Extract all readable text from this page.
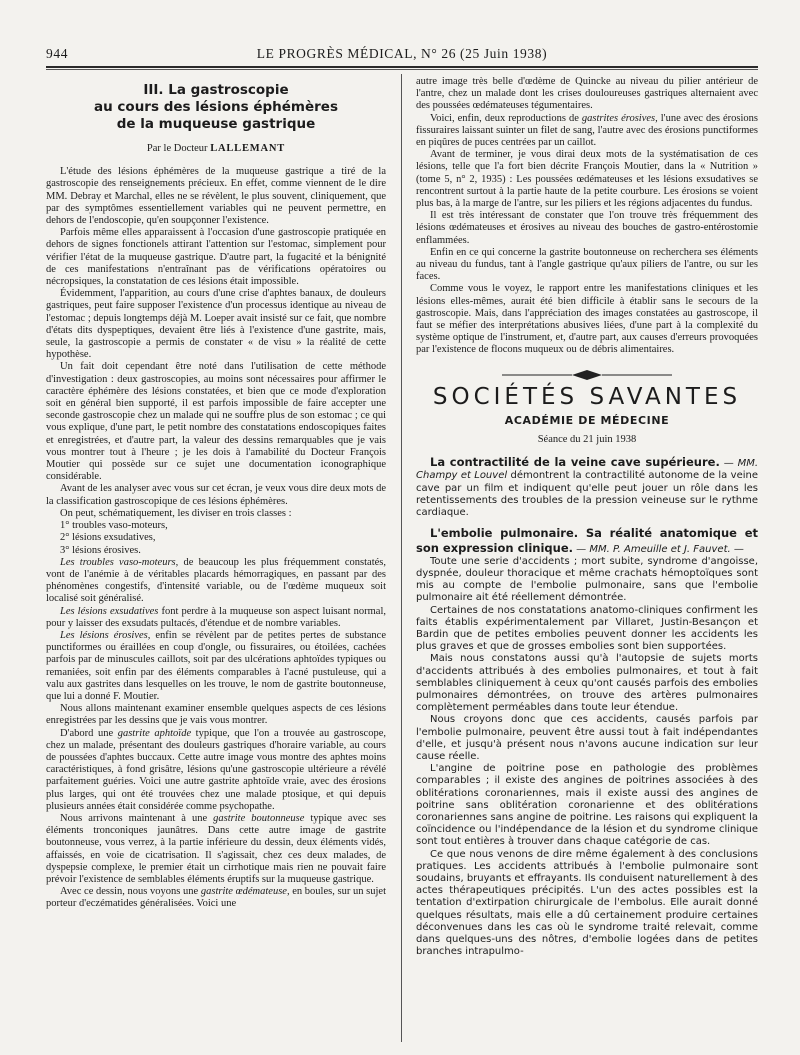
944	LE PROGRÈS MÉDICAL, N° 26 (25 Juin 1938)
III. La gastroscopie
au cours des lésions éphémères
de la muqueuse gastrique
Par le Docteur LALLEMANT

L'étude des lésions éphémères de la muqueuse gastrique a tiré de la gastroscopie des renseignements précieux. En effet, comme viennent de le dire MM. Debray et Marchal, elles ne se révèlent, le plus souvent, cliniquement, que par des symptômes essentiellement variables qui ne peuvent permettre, en dehors de l'endoscopie, qu'en soupçonner l'existence.

Parfois même elles apparaissent à l'occasion d'une gastroscopie pratiquée en dehors de signes fonctionels attirant l'attention sur l'estomac, simplement pour vérifier l'état de la muqueuse gastrique. D'autre part, la fugacité et la bénignité de ces manifestations n'entraînant pas de vérifications opératoires ou nécropsiques, la constatation de ces lésions était impossible.

Évidemment, l'apparition, au cours d'une crise d'aphtes banaux, de douleurs gastriques, peut faire supposer l'existence d'un processus identique au niveau de l'estomac ; depuis longtemps déjà M. Loeper avait insisté sur ce fait, que nombre d'états dits dyspeptiques, devaient être liés à l'existence d'une gastrite, mais, seule, la gastroscopie a permis de constater « de visu » la réalité de cette hypothèse.

Un fait doit cependant être noté dans l'utilisation de cette méthode d'investigation : deux gastroscopies, au moins sont nécessaires pour affirmer le caractère éphémère des lésions constatées, et bien que ce mode d'exploration soit en général bien supporté, il est parfois impossible de faire accepter une seconde gastroscopie chez un malade qui ne souffre plus de son estomac ; ce qui vous explique, d'une part, le petit nombre des constatations endoscopiques faites et enregistrées, et d'autre part, la valeur des dessins remarquables que je vais vous montrer tout à l'heure ; je les dois à l'amabilité du Docteur François Moutier qui possède sur ce sujet une documentation iconographique considérable.

Avant de les analyser avec vous sur cet écran, je veux vous dire deux mots de la classification gastroscopique de ces lésions éphémères.

On peut, schématiquement, les diviser en trois classes :

1° troubles vaso-moteurs,
2° lésions exsudatives,
3° lésions érosives.

Les troubles vaso-moteurs, de beaucoup les plus fréquemment constatés, vont de l'anémie à de véritables placards hémorragiques, en passant par des phénomènes congestifs, d'intensité variable, ou de l'œdème muqueux soit localisé soit généralisé.

Les lésions exsudatives font perdre à la muqueuse son aspect luisant normal, pour y laisser des exsudats pultacés, d'étendue et de nombre variables.

Les lésions érosives, enfin se révèlent par de petites pertes de substance punctiformes ou éraillées en coup d'ongle, ou fissuraires, ou étoilées, cachées parfois par de minuscules caillots, soit par des ulcérations aphtoïdes typiques ou remaniées, soit enfin par des éléments comparables à l'acné pustuleuse, qui a valu aux gastrites dans lesquelles on les trouve, le nom de gastrite boutonneuse, que lui a donné F. Moutier.

Nous allons maintenant examiner ensemble quelques aspects de ces lésions enregistrées par les dessins que je vais vous montrer.

D'abord une gastrite aphtoïde typique, que l'on a trouvée au gastroscope, chez un malade, présentant des douleurs gastriques d'horaire variable, au cours de poussées d'aphtes buccaux. Cette autre image vous montre des aphtes moins caractéristiques, à fond grisâtre, lésions qu'une gastroscopie ultérieure a révélé parfaitement guéries. Voici une autre gastrite aphtoïde vraie, avec des érosions plus larges, qui ont été trouvées chez une malade ptosique, et qui depuis plusieurs années était considérée comme psychopathe.

Nous arrivons maintenant à une gastrite boutonneuse typique avec ses éléments tronconiques jaunâtres. Dans cette autre image de gastrite boutonneuse, vous verrez, à la partie inférieure du dessin, deux éléments vidés, affaissés, en voie de cicatrisation. Il s'agissait, chez ces deux malades, de dyspepsie complexe, le premier était un cirrhotique mais rien ne pouvait faire prévoir l'existence de semblables éléments éruptifs sur la muqueuse gastrique.

Avec ce dessin, nous voyons une gastrite œdémateuse, en boules, sur un sujet porteur d'eczématides généralisées. Voici une

autre image très belle d'œdème de Quincke au niveau du pilier antérieur de l'antre, chez un malade dont les crises douloureuses gastriques alternaient avec des poussées œdémateuses tégumentaires.

Voici, enfin, deux reproductions de gastrites érosives, l'une avec des érosions fissuraires laissant suinter un filet de sang, l'autre avec des érosions punctiformes en piqûres de puces centrées par un caillot.

Avant de terminer, je vous dirai deux mots de la systématisation de ces lésions, telle que l'a fort bien décrite François Moutier, dans la « Nutrition » (tome 5, n° 2, 1935) : Les poussées œdémateuses et les lésions exsudatives se rencontrent surtout à la partie haute de la petite courbure. Les érosions se voient plus bas, à la marge de l'antre, sur les piliers et les régions adjacentes du fundus.

Il est très intéressant de constater que l'on trouve très fréquemment des lésions œdémateuses et érosives au niveau des bouches de gastro-entérostomie enflammées.

Enfin en ce qui concerne la gastrite boutonneuse on recherchera ses éléments au niveau du fundus, tant à l'angle gastrique qu'aux piliers de l'antre, ou sur les faces.

Comme vous le voyez, le rapport entre les manifestations cliniques et les lésions elles-mêmes, aurait été bien difficile à établir sans le secours de la gastroscopie. Mais, dans l'appréciation des images constatées au gastroscope, il faut se méfier des interprétations abusives liées, d'une part à la complexité du système optique de l'instrument, et, d'autre part, aux causes d'erreurs provoquées par l'existence de flocons muqueux ou de débris alimentaires.

SOCIÉTÉS SAVANTES
ACADÉMIE DE MÉDECINE
Séance du 21 juin 1938

La contractilité de la veine cave supérieure. — MM. Champy et Louvel démontrent la contractilité autonome de la veine cave par un film et indiquent qu'elle peut jouer un rôle dans les retentissements des troubles de la pression veineuse sur le rythme cardiaque.

L'embolie pulmonaire. Sa réalité anatomique et son expression clinique. — MM. P. Ameuille et J. Fauvet. —

Toute une serie d'accidents ; mort subite, syndrome d'angoisse, dyspnée, douleur thoracique et même crachats hémoptoïques sont mis au compte de l'embolie pulmonaire, sans que l'embolie pulmonaire ait été réellement démontrée.

Certaines de nos constatations anatomo-cliniques confirment les faits établis expérimentalement par Villaret, Justin-Besançon et Bardin que de petites embolies peuvent donner les accidents les plus graves et que de grosses embolies sont bien supportées.

Mais nous constatons aussi qu'à l'autopsie de sujets morts d'accidents attribués à des embolies pulmonaires, et tout à fait semblables cliniquement à ceux qu'ont causés parfois des embolies pulmonaires démontrées, on trouve des artères pulmonaires complètement perméables dans toute leur étendue.

Nous croyons donc que ces accidents, causés parfois par l'embolie pulmonaire, peuvent être aussi tout à fait indépendantes d'elle, et jusqu'à présent nous n'avons aucune indication sur leur cause réelle.

L'angine de poitrine pose en pathologie des problèmes comparables ; il existe des angines de poitrines associées à des oblitérations coronariennes, mais il existe aussi des angines de poitrine sans oblitération coronarienne et des oblitérations coronariennes sans angine de poitrine. Les raisons qui expliquent la coïncidence ou l'indépendance de la lésion et du syndrome clinique sont tout entières à trouver dans chaque catégorie de cas.

Ce que nous venons de dire même également à des conclusions pratiques. Les accidents attribués à l'embolie pulmonaire sont soudains, bruyants et effrayants. Ils conduisent naturellement à des actes thérapeutiques précipités. L'un des actes possibles est la tentation d'extirpation chirurgicale de l'embolus. Elle aurait donné quelques résultats, mais elle a dû certainement produire certaines déconvenues dans les cas où le syndrome traité relevait, comme dans quelques-uns des nôtres, d'embolie logées dans de petites branches intrapulmo-
